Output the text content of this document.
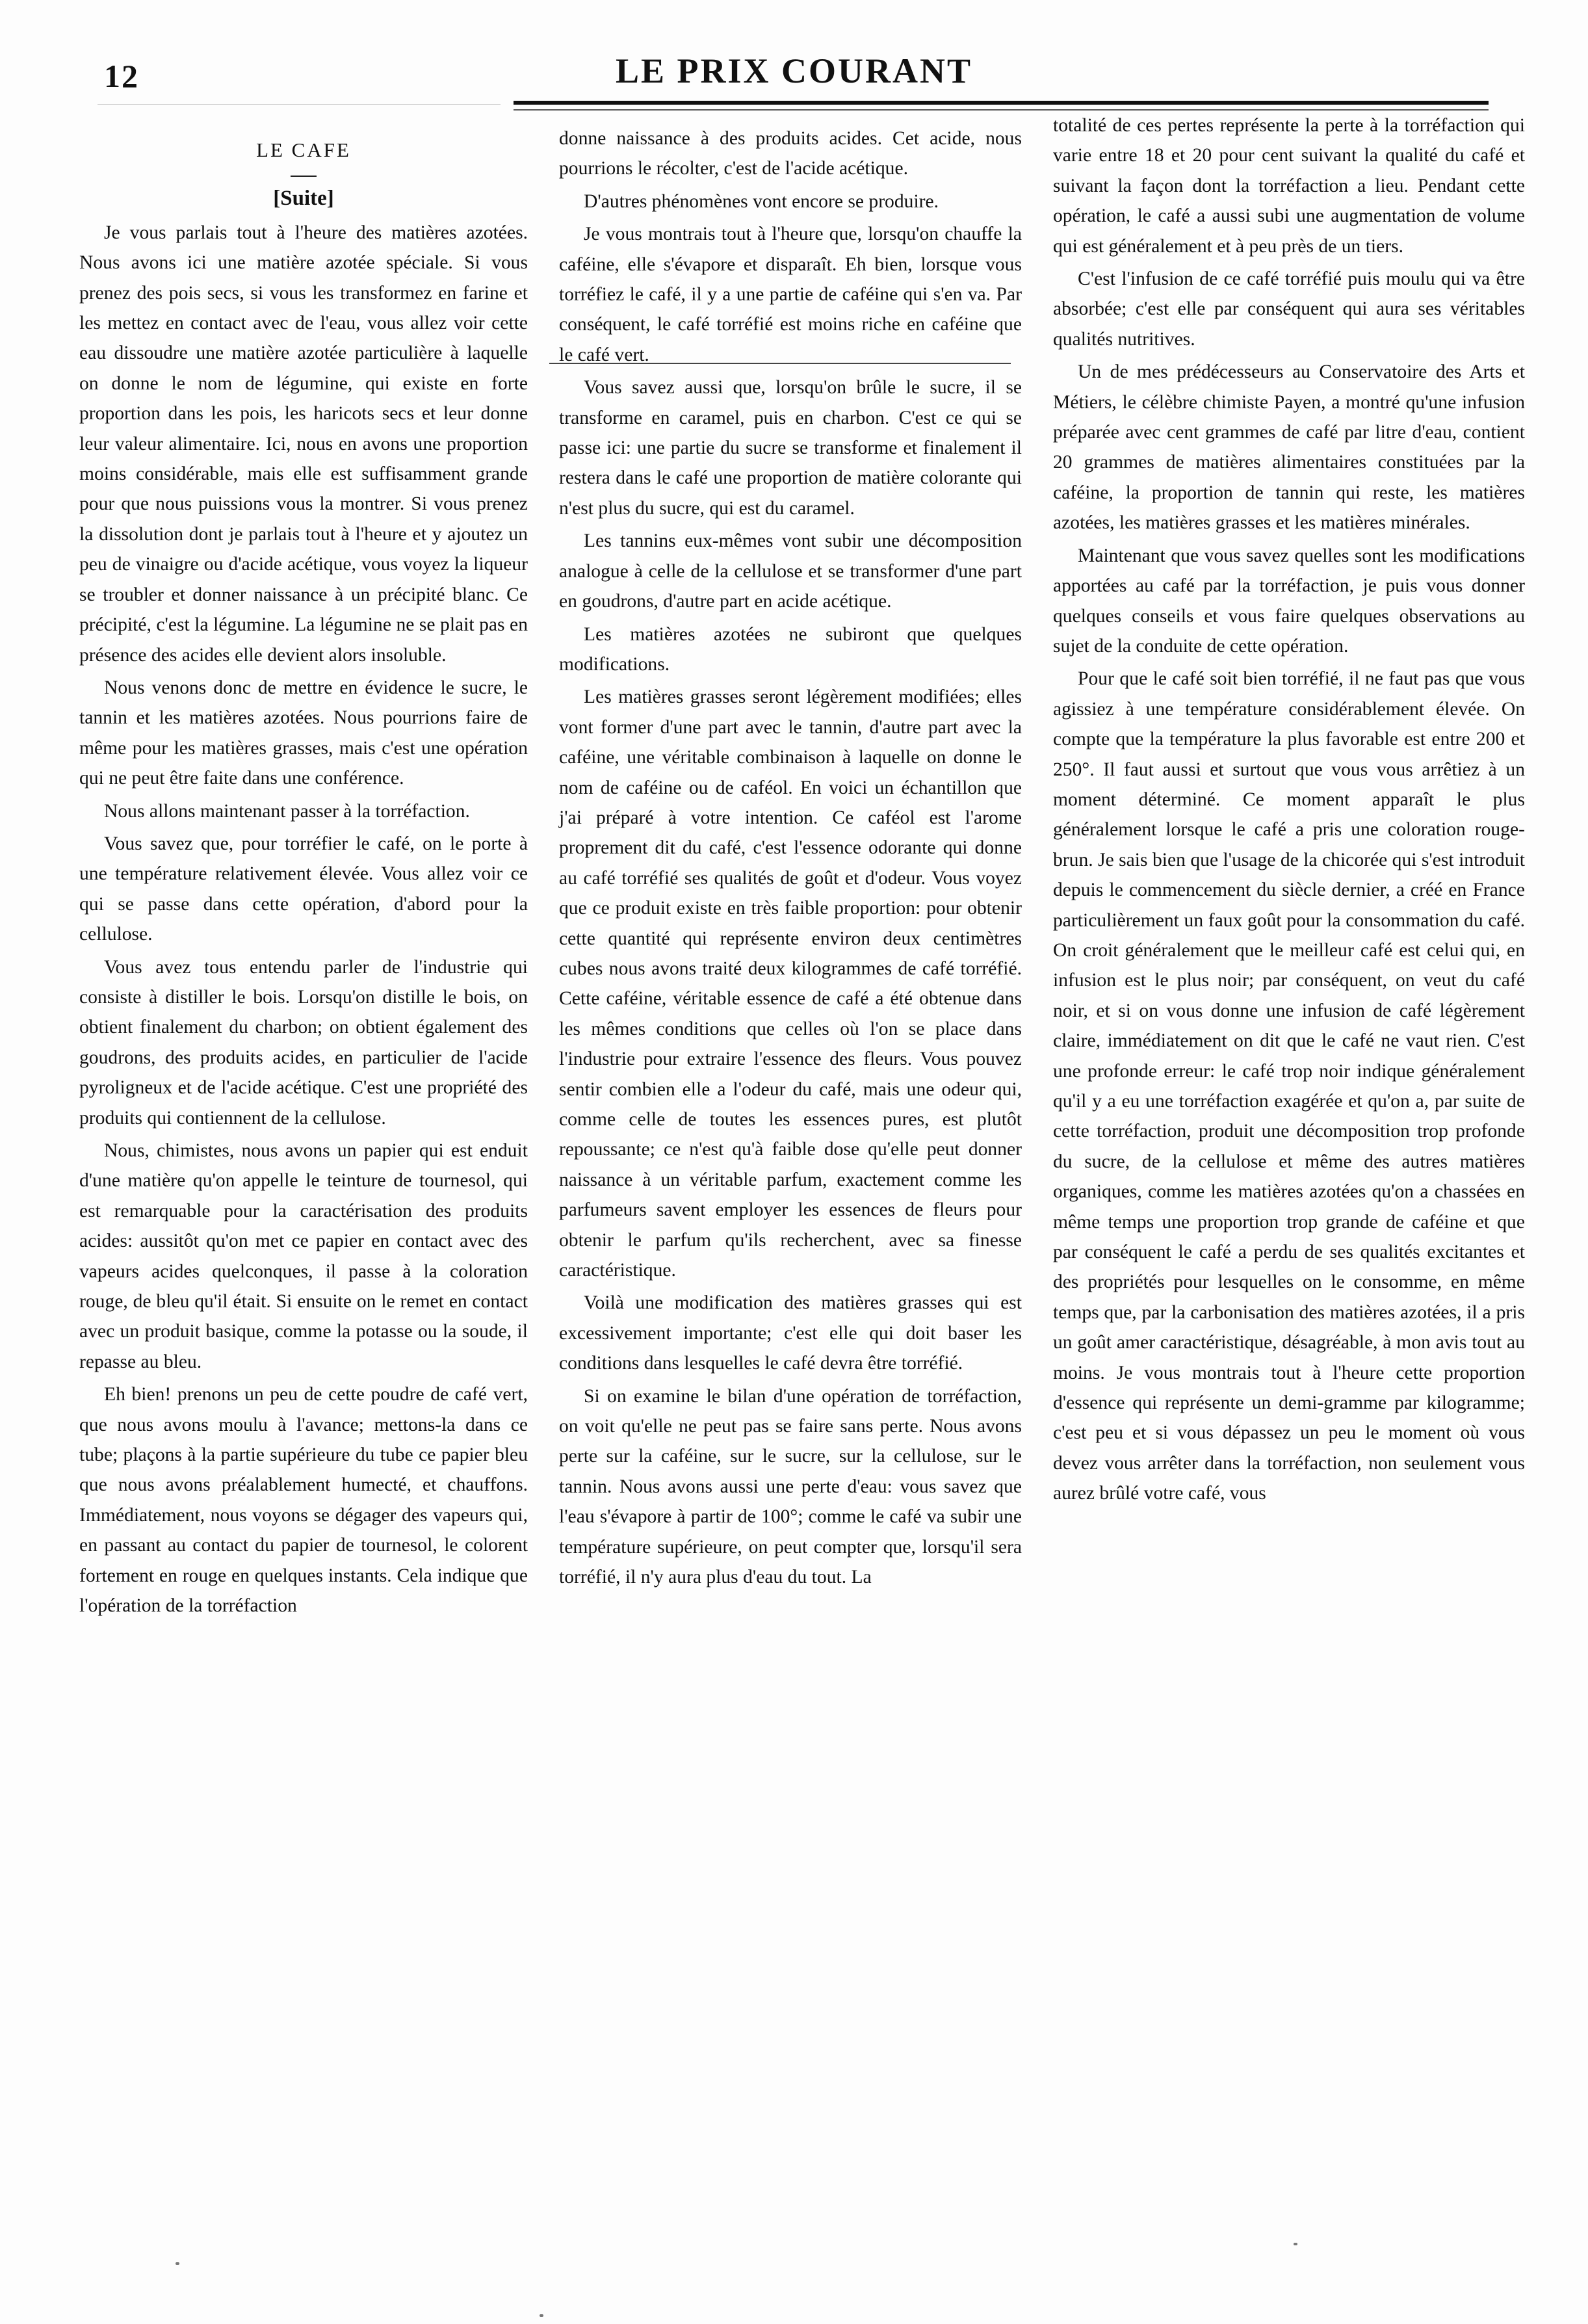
12	LE PRIX COURANT
LE CAFE
[Suite]

Je vous parlais tout à l'heure des matières azotées. Nous avons ici une matière azotée spéciale. Si vous prenez des pois secs, si vous les transformez en farine et les mettez en contact avec de l'eau, vous allez voir cette eau dissoudre une matière azotée particulière à laquelle on donne le nom de légumine, qui existe en forte proportion dans les pois, les haricots secs et leur donne leur valeur alimentaire. Ici, nous en avons une proportion moins considérable, mais elle est suffisamment grande pour que nous puissions vous la montrer. Si vous prenez la dissolution dont je parlais tout à l'heure et y ajoutez un peu de vinaigre ou d'acide acétique, vous voyez la liqueur se troubler et donner naissance à un précipité blanc. Ce précipité, c'est la légumine. La légumine ne se plait pas en présence des acides elle devient alors insoluble.

Nous venons donc de mettre en évidence le sucre, le tannin et les matières azotées. Nous pourrions faire de même pour les matières grasses, mais c'est une opération qui ne peut être faite dans une conférence.

Nous allons maintenant passer à la torréfaction.

Vous savez que, pour torréfier le café, on le porte à une température relativement élevée. Vous allez voir ce qui se passe dans cette opération, d'abord pour la cellulose.

Vous avez tous entendu parler de l'industrie qui consiste à distiller le bois. Lorsqu'on distille le bois, on obtient finalement du charbon; on obtient également des goudrons, des produits acides, en particulier de l'acide pyroligneux et de l'acide acétique. C'est une propriété des produits qui contiennent de la cellulose.

Nous, chimistes, nous avons un papier qui est enduit d'une matière qu'on appelle le teinture de tournesol, qui est remarquable pour la caractérisation des produits acides: aussitôt qu'on met ce papier en contact avec des vapeurs acides quelconques, il passe à la coloration rouge, de bleu qu'il était. Si ensuite on le remet en contact avec un produit basique, comme la potasse ou la soude, il repasse au bleu.

Eh bien! prenons un peu de cette poudre de café vert, que nous avons moulu à l'avance; mettons-la dans ce tube; plaçons à la partie supérieure du tube ce papier bleu que nous avons préalablement humecté, et chauffons. Immédiatement, nous voyons se dégager des vapeurs qui, en passant au contact du papier de tournesol, le colorent fortement en rouge en quelques instants. Cela indique que l'opération de la torréfaction

donne naissance à des produits acides. Cet acide, nous pourrions le récolter, c'est de l'acide acétique.

D'autres phénomènes vont encore se produire.

Je vous montrais tout à l'heure que, lorsqu'on chauffe la caféine, elle s'évapore et disparaît. Eh bien, lorsque vous torréfiez le café, il y a une partie de caféine qui s'en va. Par conséquent, le café torréfié est moins riche en caféine que le café vert.

Vous savez aussi que, lorsqu'on brûle le sucre, il se transforme en caramel, puis en charbon. C'est ce qui se passe ici: une partie du sucre se transforme et finalement il restera dans le café une proportion de matière colorante qui n'est plus du sucre, qui est du caramel.

Les tannins eux-mêmes vont subir une décomposition analogue à celle de la cellulose et se transformer d'une part en goudrons, d'autre part en acide acétique.

Les matières azotées ne subiront que quelques modifications.

Les matières grasses seront légèrement modifiées; elles vont former d'une part avec le tannin, d'autre part avec la caféine, une véritable combinaison à laquelle on donne le nom de caféine ou de caféol. En voici un échantillon que j'ai préparé à votre intention. Ce caféol est l'arome proprement dit du café, c'est l'essence odorante qui donne au café torréfié ses qualités de goût et d'odeur. Vous voyez que ce produit existe en très faible proportion: pour obtenir cette quantité qui représente environ deux centimètres cubes nous avons traité deux kilogrammes de café torréfié. Cette caféine, véritable essence de café a été obtenue dans les mêmes conditions que celles où l'on se place dans l'industrie pour extraire l'essence des fleurs. Vous pouvez sentir combien elle a l'odeur du café, mais une odeur qui, comme celle de toutes les essences pures, est plutôt repoussante; ce n'est qu'à faible dose qu'elle peut donner naissance à un véritable parfum, exactement comme les parfumeurs savent employer les essences de fleurs pour obtenir le parfum qu'ils recherchent, avec sa finesse caractéristique.

Voilà une modification des matières grasses qui est excessivement importante; c'est elle qui doit baser les conditions dans lesquelles le café devra être torréfié.

Si on examine le bilan d'une opération de torréfaction, on voit qu'elle ne peut pas se faire sans perte. Nous avons perte sur la caféine, sur le sucre, sur la cellulose, sur le tannin. Nous avons aussi une perte d'eau: vous savez que l'eau s'évapore à partir de 100°; comme le café va subir une température supérieure, on peut compter que, lorsqu'il sera torréfié, il n'y aura plus d'eau du tout. La

totalité de ces pertes représente la perte à la torréfaction qui varie entre 18 et 20 pour cent suivant la qualité du café et suivant la façon dont la torréfaction a lieu. Pendant cette opération, le café a aussi subi une augmentation de volume qui est généralement et à peu près de un tiers.

C'est l'infusion de ce café torréfié puis moulu qui va être absorbée; c'est elle par conséquent qui aura ses véritables qualités nutritives.

Un de mes prédécesseurs au Conservatoire des Arts et Métiers, le célèbre chimiste Payen, a montré qu'une infusion préparée avec cent grammes de café par litre d'eau, contient 20 grammes de matières alimentaires constituées par la caféine, la proportion de tannin qui reste, les matières azotées, les matières grasses et les matières minérales.

Maintenant que vous savez quelles sont les modifications apportées au café par la torréfaction, je puis vous donner quelques conseils et vous faire quelques observations au sujet de la conduite de cette opération.

Pour que le café soit bien torréfié, il ne faut pas que vous agissiez à une température considérablement élevée. On compte que la température la plus favorable est entre 200 et 250°. Il faut aussi et surtout que vous vous arrêtiez à un moment déterminé. Ce moment apparaît le plus généralement lorsque le café a pris une coloration rouge-brun. Je sais bien que l'usage de la chicorée qui s'est introduit depuis le commencement du siècle dernier, a créé en France particulièrement un faux goût pour la consommation du café. On croit généralement que le meilleur café est celui qui, en infusion est le plus noir; par conséquent, on veut du café noir, et si on vous donne une infusion de café légèrement claire, immédiatement on dit que le café ne vaut rien. C'est une profonde erreur: le café trop noir indique généralement qu'il y a eu une torréfaction exagérée et qu'on a, par suite de cette torréfaction, produit une décomposition trop profonde du sucre, de la cellulose et même des autres matières organiques, comme les matières azotées qu'on a chassées en même temps une proportion trop grande de caféine et que par conséquent le café a perdu de ses qualités excitantes et des propriétés pour lesquelles on le consomme, en même temps que, par la carbonisation des matières azotées, il a pris un goût amer caractéristique, désagréable, à mon avis tout au moins. Je vous montrais tout à l'heure cette proportion d'essence qui représente un demi-gramme par kilogramme; c'est peu et si vous dépassez un peu le moment où vous devez vous arrêter dans la torréfaction, non seulement vous aurez brûlé votre café, vous
